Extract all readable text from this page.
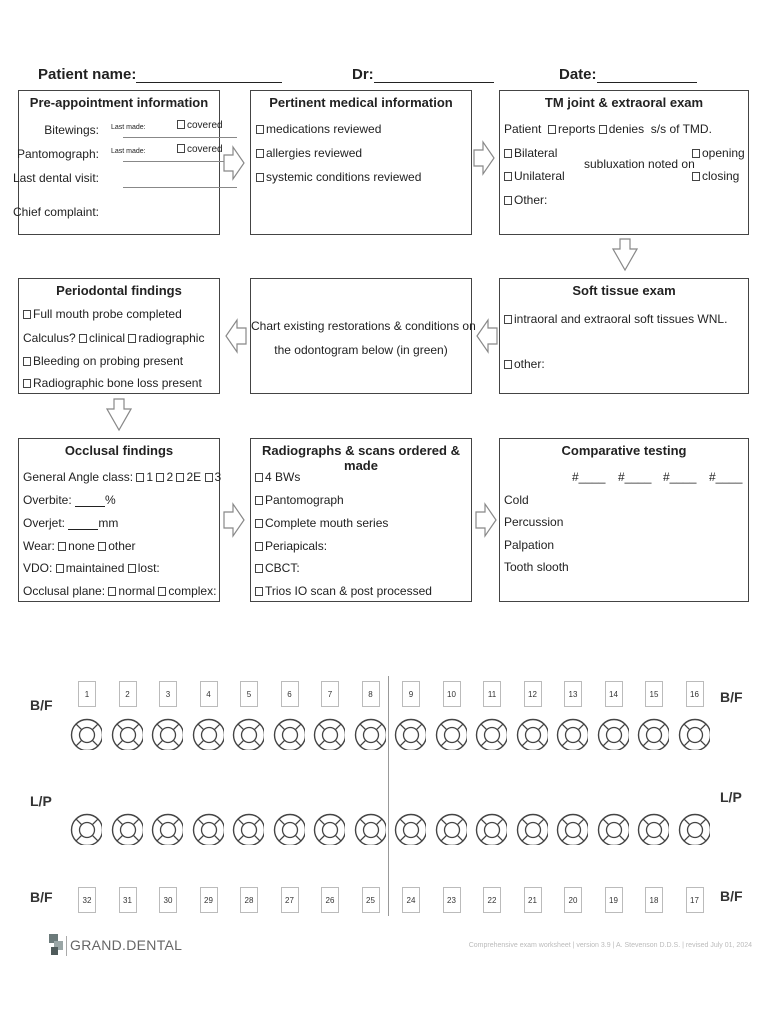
Patient name:	Dr:	Date:
Pre-appointment information
Bitewings: Last made:	covered
Pantomograph: Last made:	covered
Last dental visit:
Chief complaint:
Pertinent medical information
medications reviewed
allergies reviewed
systemic conditions reviewed
TM joint & extraoral exam
Patient reports denies s/s of TMD.
Bilateral
Unilateral
subluxation noted on
opening
closing
Other:
Periodontal findings
Full mouth probe completed
Calculus? clinical radiographic
Bleeding on probing present
Radiographic bone loss present
Chart existing restorations & conditions on
the odontogram below (in green)
Soft tissue exam
intraoral and extraoral soft tissues WNL.
other:
Occlusal findings
General Angle class: 1 2 2E 3
Overbite:	%
Overjet:	mm
Wear: none other
VDO: maintained lost:
Occlusal plane: normal complex:
Radiographs & scans ordered & made
4 BWs
Pantomograph
Complete mouth series
Periapicals:
CBCT:
Trios IO scan & post processed
Comparative testing
#____ #____ #____ #____
Cold
Percussion
Palpation
Tooth slooth
B/F	B/F
L/P	L/P
B/F	B/F
1	2	3	4	5	6	7	8	9	10	11	12	13	14	15	16
32	31	30	29	28	27	26	25	24	23	22	21	20	19	18	17
GRAND.DENTAL	Comprehensive exam worksheet | version 3.9 | A. Stevenson D.D.S. | revised July 01, 2024
